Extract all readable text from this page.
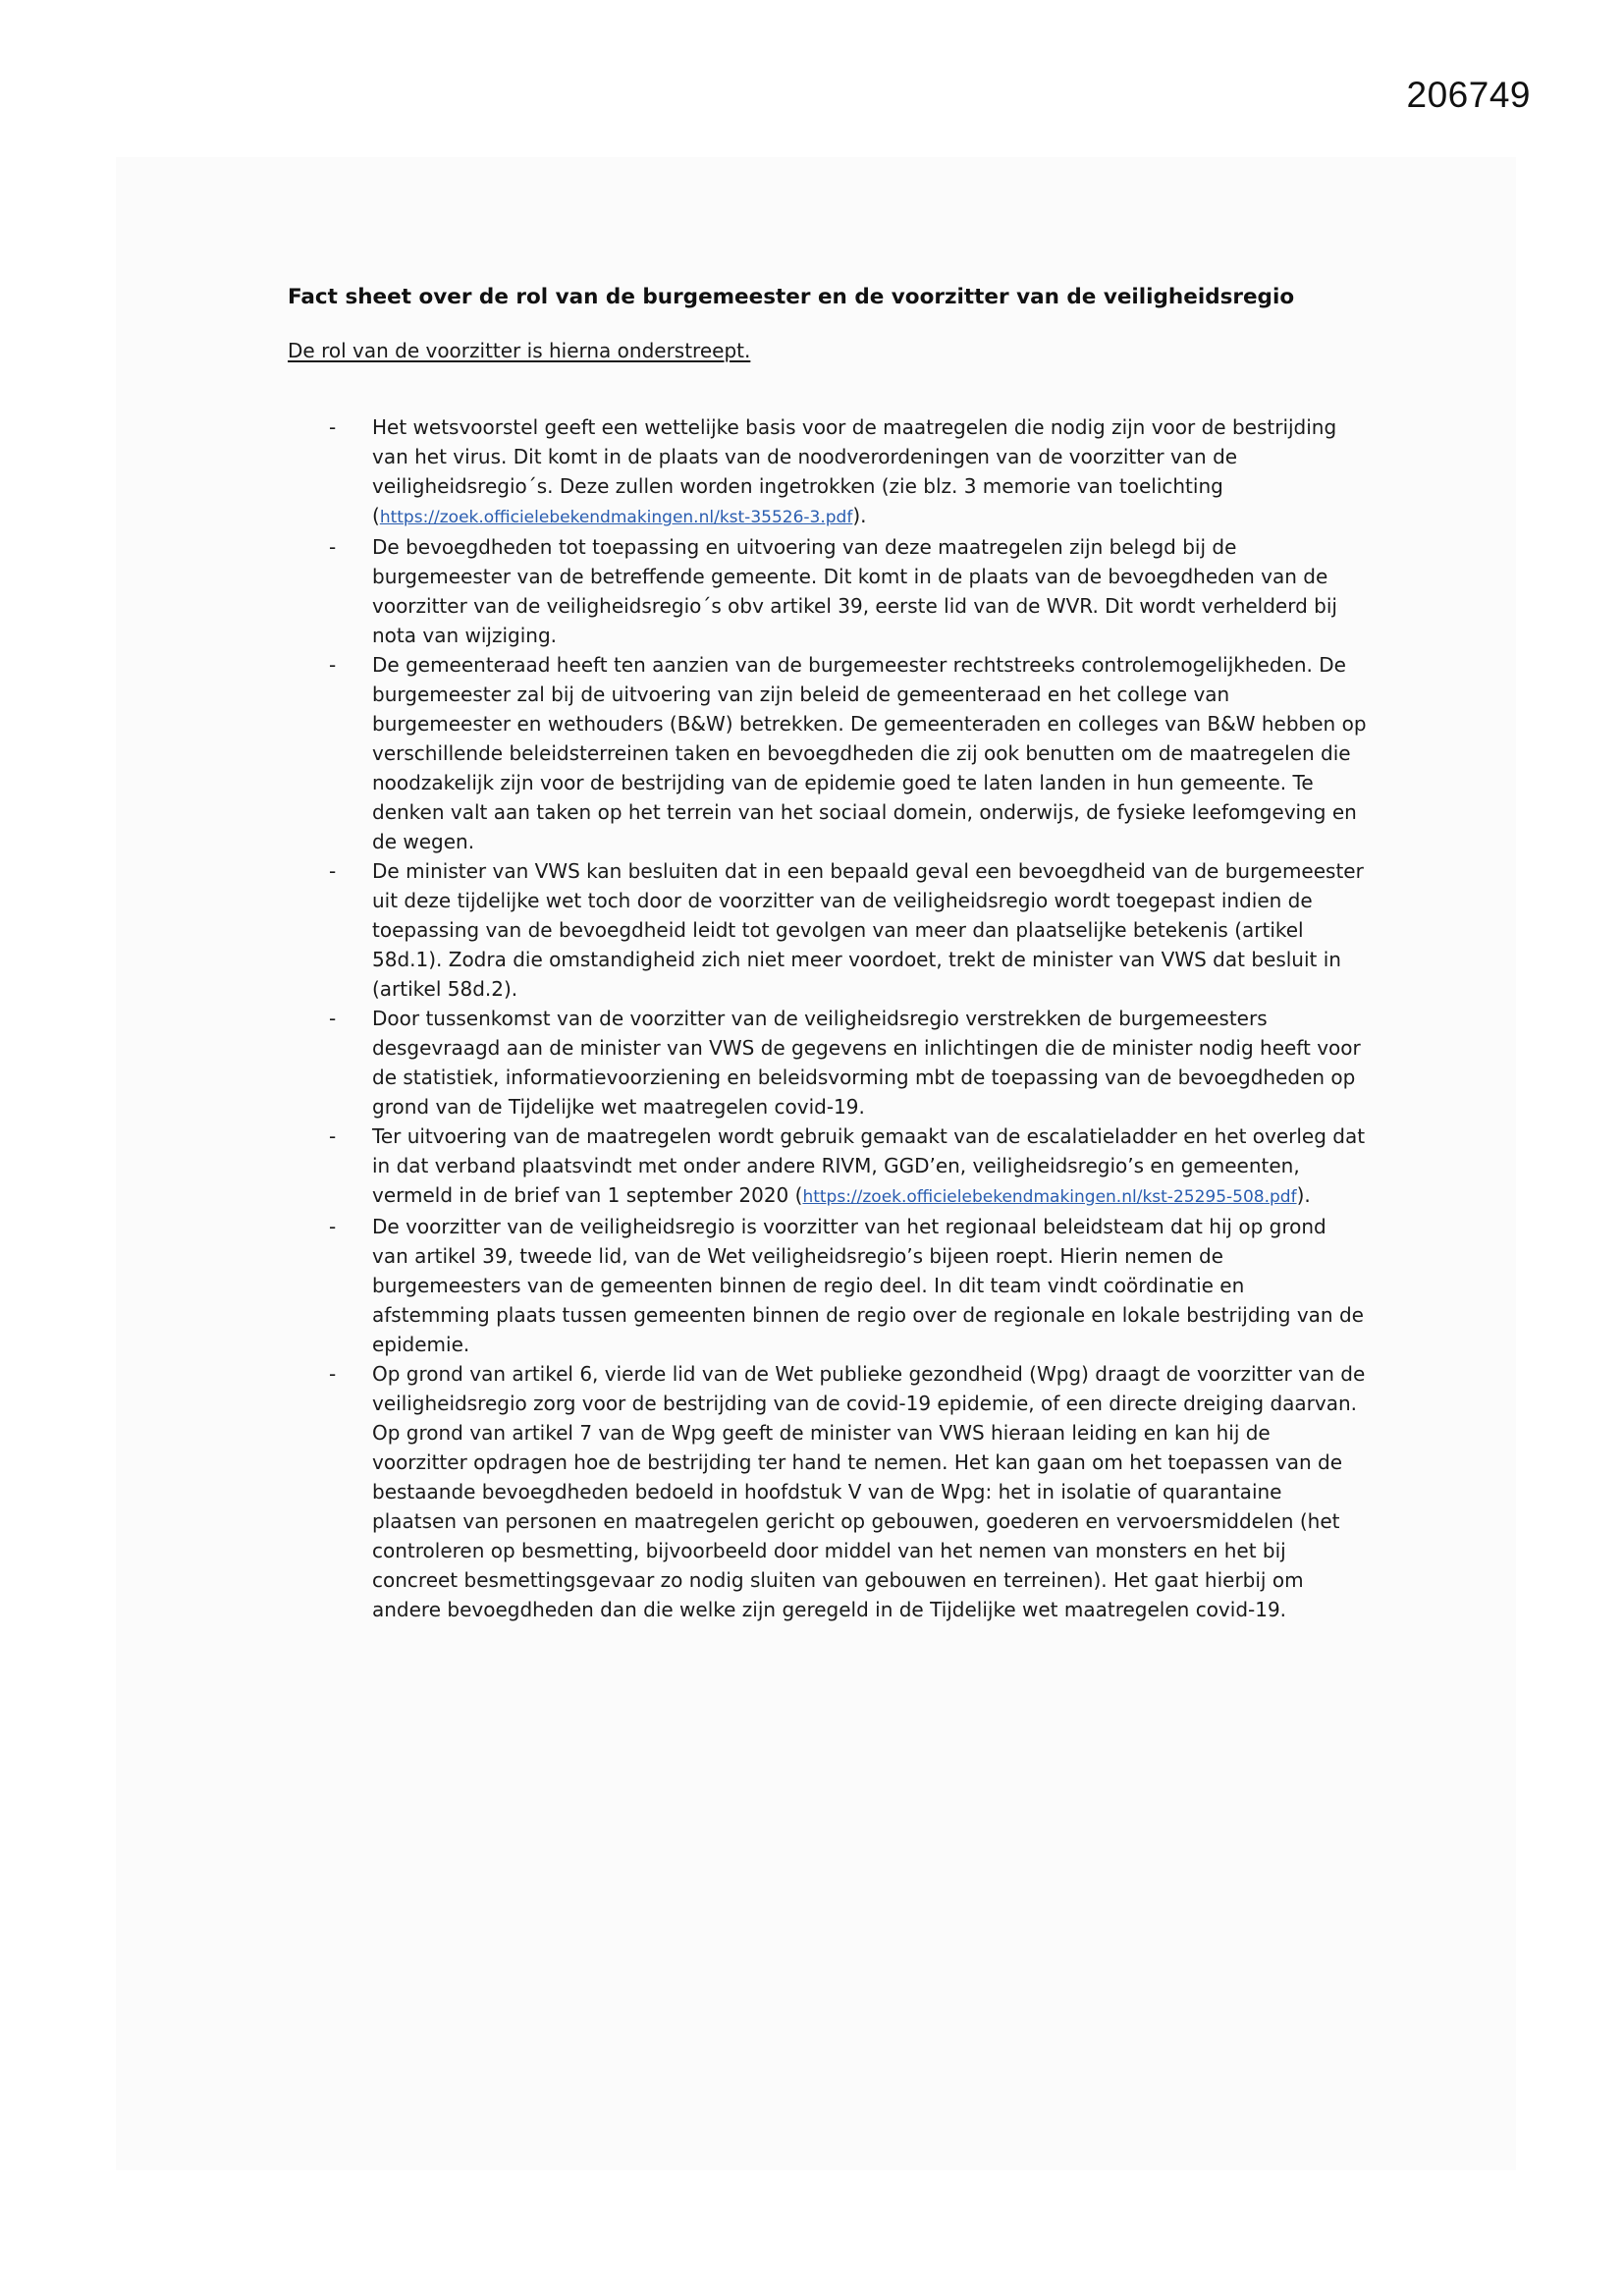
206749
Fact sheet over de rol van de burgemeester en de voorzitter van de veiligheidsregio

De rol van de voorzitter is hierna onderstreept.

- Het wetsvoorstel geeft een wettelijke basis voor de maatregelen die nodig zijn voor de bestrijding van het virus. Dit komt in de plaats van de noodverordeningen van de voorzitter van de veiligheidsregio´s. Deze zullen worden ingetrokken (zie blz. 3 memorie van toelichting (https://zoek.officielebekendmakingen.nl/kst-35526-3.pdf).
- De bevoegdheden tot toepassing en uitvoering van deze maatregelen zijn belegd bij de burgemeester van de betreffende gemeente. Dit komt in de plaats van de bevoegdheden van de voorzitter van de veiligheidsregio´s obv artikel 39, eerste lid van de WVR. Dit wordt verhelderd bij nota van wijziging.
- De gemeenteraad heeft ten aanzien van de burgemeester rechtstreeks controlemogelijkheden. De burgemeester zal bij de uitvoering van zijn beleid de gemeenteraad en het college van burgemeester en wethouders (B&W) betrekken. De gemeenteraden en colleges van B&W hebben op verschillende beleidsterreinen taken en bevoegdheden die zij ook benutten om de maatregelen die noodzakelijk zijn voor de bestrijding van de epidemie goed te laten landen in hun gemeente. Te denken valt aan taken op het terrein van het sociaal domein, onderwijs, de fysieke leefomgeving en de wegen.
- De minister van VWS kan besluiten dat in een bepaald geval een bevoegdheid van de burgemeester uit deze tijdelijke wet toch door de voorzitter van de veiligheidsregio wordt toegepast indien de toepassing van de bevoegdheid leidt tot gevolgen van meer dan plaatselijke betekenis (artikel 58d.1). Zodra die omstandigheid zich niet meer voordoet, trekt de minister van VWS dat besluit in (artikel 58d.2).
- Door tussenkomst van de voorzitter van de veiligheidsregio verstrekken de burgemeesters desgevraagd aan de minister van VWS de gegevens en inlichtingen die de minister nodig heeft voor de statistiek, informatievoorziening en beleidsvorming mbt de toepassing van de bevoegdheden op grond van de Tijdelijke wet maatregelen covid-19.
- Ter uitvoering van de maatregelen wordt gebruik gemaakt van de escalatieladder en het overleg dat in dat verband plaatsvindt met onder andere RIVM, GGD’en, veiligheidsregio’s en gemeenten, vermeld in de brief van 1 september 2020 (https://zoek.officielebekendmakingen.nl/kst-25295-508.pdf).
- De voorzitter van de veiligheidsregio is voorzitter van het regionaal beleidsteam dat hij op grond van artikel 39, tweede lid, van de Wet veiligheidsregio’s bijeen roept. Hierin nemen de burgemeesters van de gemeenten binnen de regio deel. In dit team vindt coördinatie en afstemming plaats tussen gemeenten binnen de regio over de regionale en lokale bestrijding van de epidemie.
- Op grond van artikel 6, vierde lid van de Wet publieke gezondheid (Wpg) draagt de voorzitter van de veiligheidsregio zorg voor de bestrijding van de covid-19 epidemie, of een directe dreiging daarvan. Op grond van artikel 7 van de Wpg geeft de minister van VWS hieraan leiding en kan hij de voorzitter opdragen hoe de bestrijding ter hand te nemen. Het kan gaan om het toepassen van de bestaande bevoegdheden bedoeld in hoofdstuk V van de Wpg: het in isolatie of quarantaine plaatsen van personen en maatregelen gericht op gebouwen, goederen en vervoersmiddelen (het controleren op besmetting, bijvoorbeeld door middel van het nemen van monsters en het bij concreet besmettingsgevaar zo nodig sluiten van gebouwen en terreinen). Het gaat hierbij om andere bevoegdheden dan die welke zijn geregeld in de Tijdelijke wet maatregelen covid-19.
